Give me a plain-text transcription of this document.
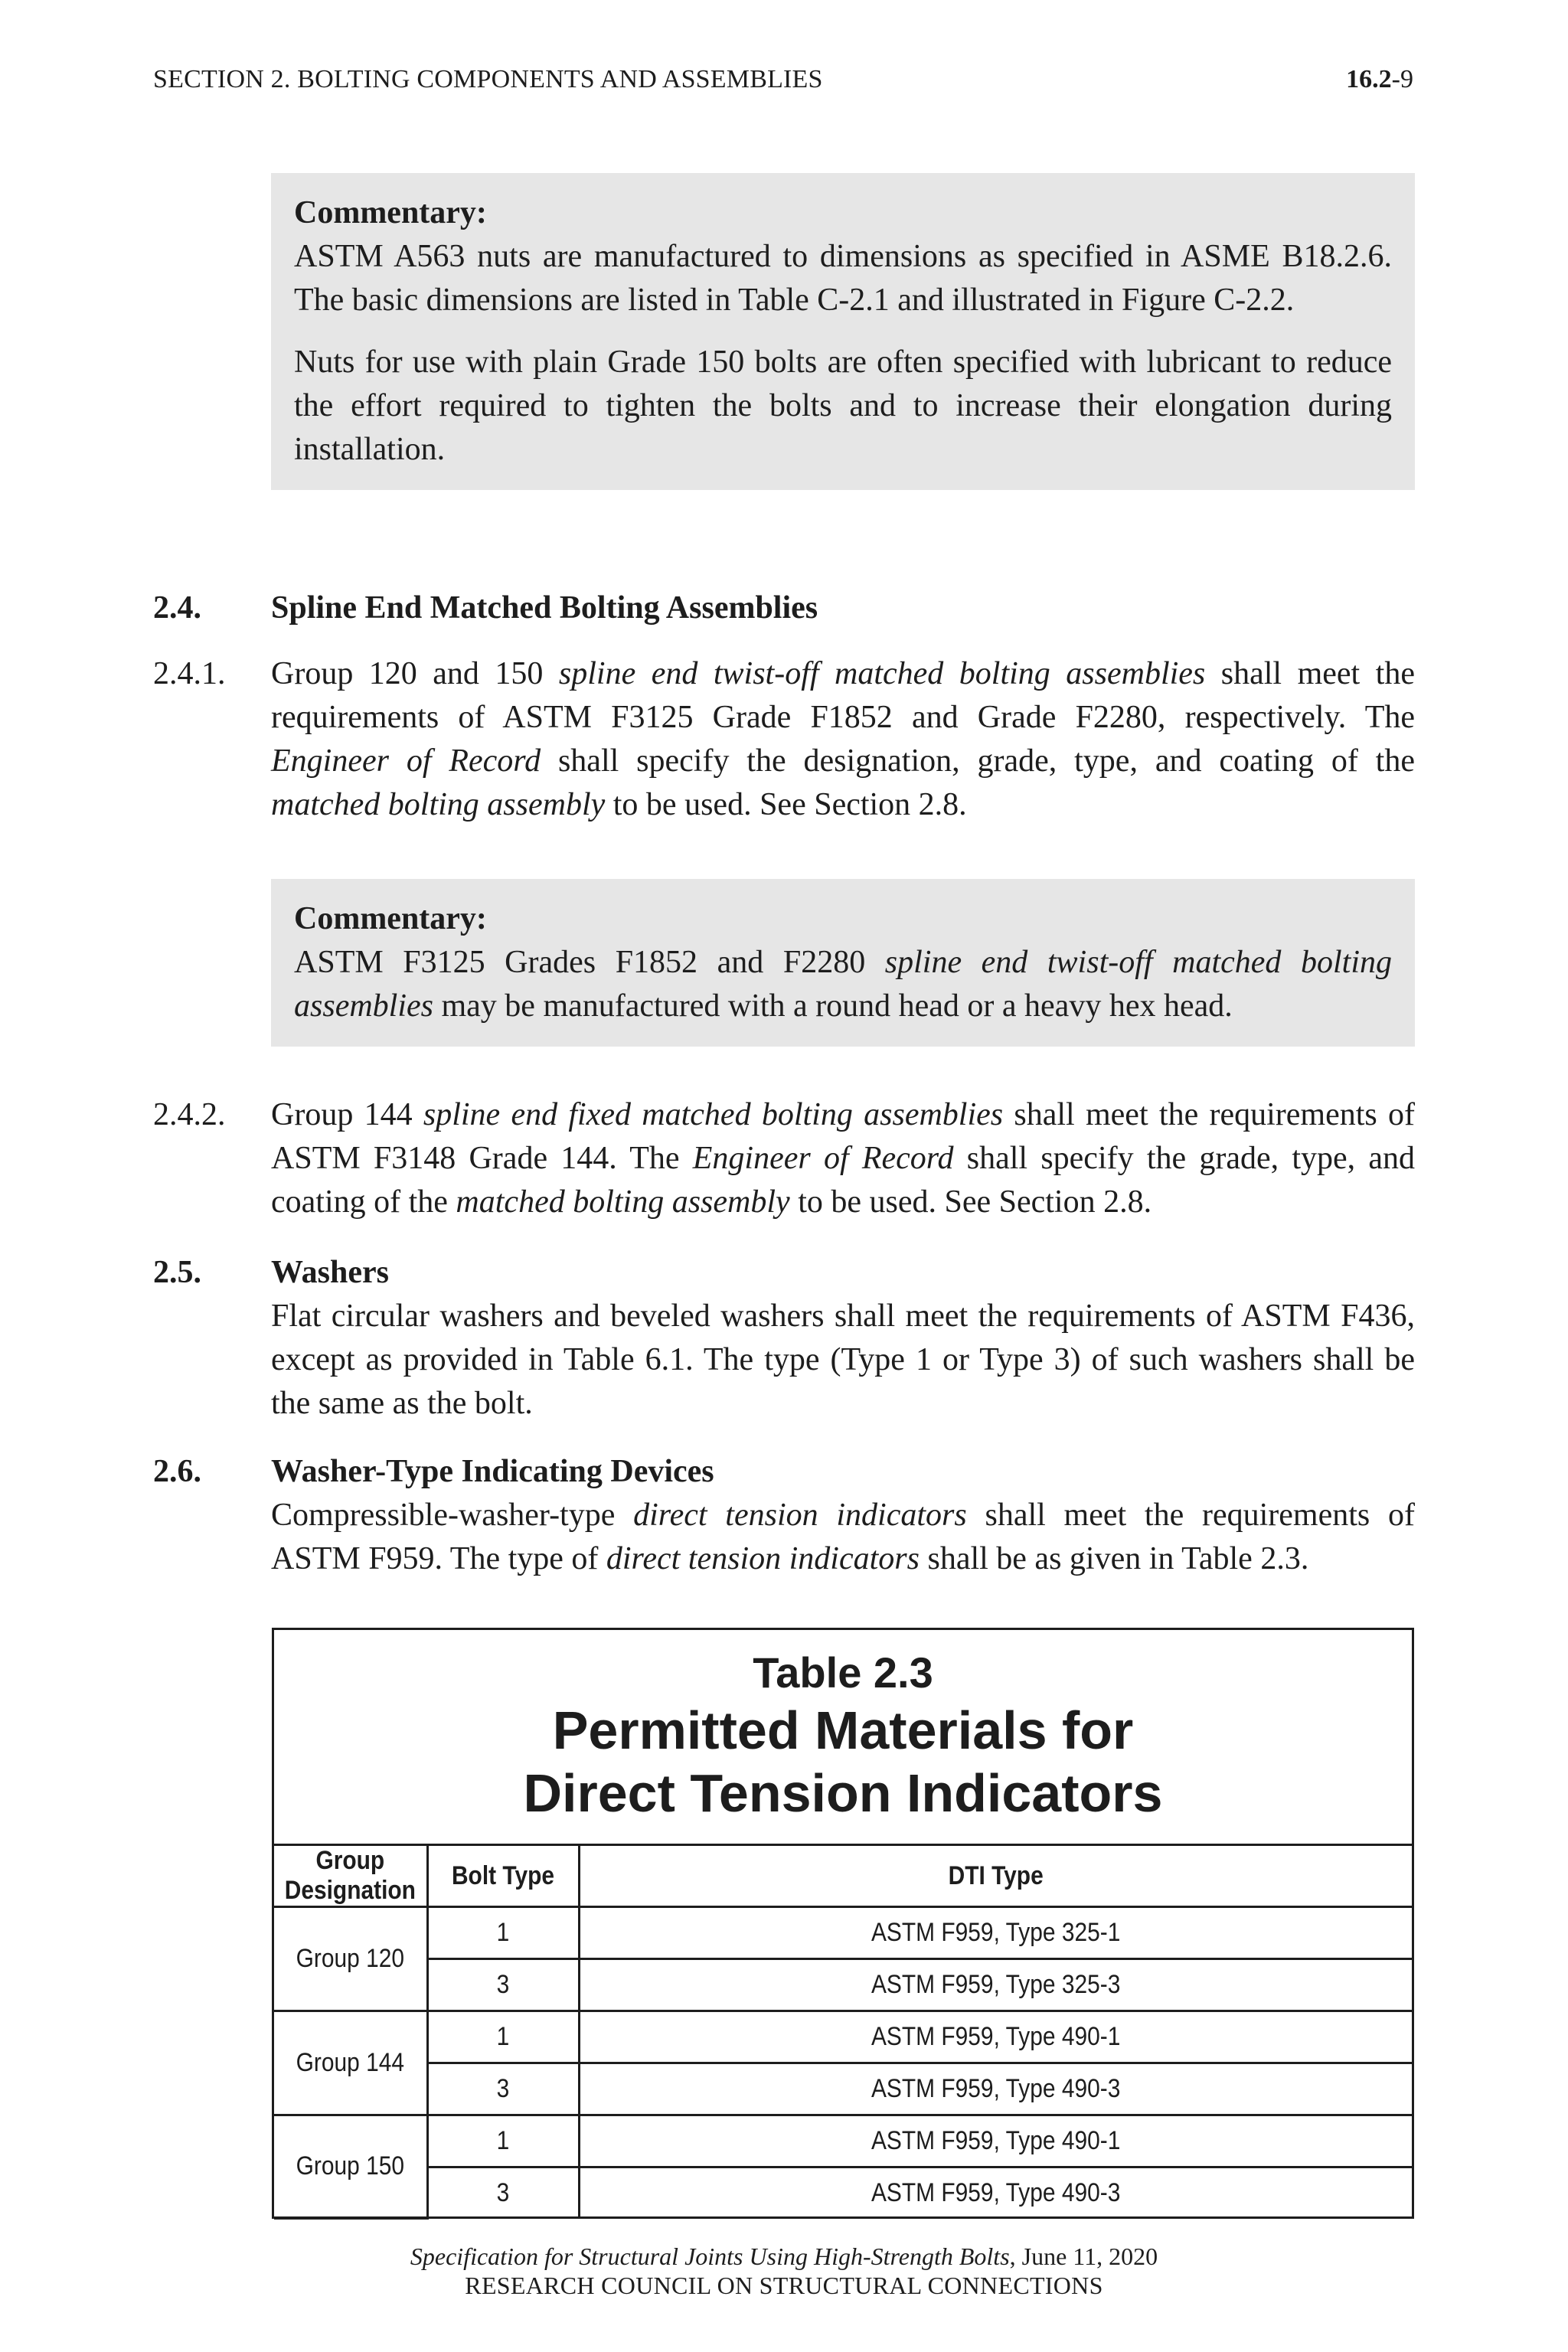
SECTION 2. BOLTING COMPONENTS AND ASSEMBLIES	16.2-9
Commentary:

ASTM A563 nuts are manufactured to dimensions as specified in ASME B18.2.6. The basic dimensions are listed in Table C-2.1 and illustrated in Figure C-2.2.

Nuts for use with plain Grade 150 bolts are often specified with lubricant to reduce the effort required to tighten the bolts and to increase their elongation during installation.

2.4. Spline End Matched Bolting Assemblies
2.4.1. Group 120 and 150 spline end twist-off matched bolting assemblies shall meet the requirements of ASTM F3125 Grade F1852 and Grade F2280, respectively. The Engineer of Record shall specify the designation, grade, type, and coating of the matched bolting assembly to be used. See Section 2.8.

Commentary:

ASTM F3125 Grades F1852 and F2280 spline end twist-off matched bolting assemblies may be manufactured with a round head or a heavy hex head.

2.4.2. Group 144 spline end fixed matched bolting assemblies shall meet the requirements of ASTM F3148 Grade 144. The Engineer of Record shall specify the grade, type, and coating of the matched bolting assembly to be used. See Section 2.8.

2.5. Washers

Flat circular washers and beveled washers shall meet the requirements of ASTM F436, except as provided in Table 6.1. The type (Type 1 or Type 3) of such washers shall be the same as the bolt.

2.6. Washer-Type Indicating Devices

Compressible-washer-type direct tension indicators shall meet the requirements of ASTM F959. The type of direct tension indicators shall be as given in Table 2.3.

Table 2.3
Permitted Materials for
Direct Tension Indicators
Group Designation	Bolt Type	DTI Type
Group 120	1	ASTM F959, Type 325-1
	3	ASTM F959, Type 325-3
Group 144	1	ASTM F959, Type 490-1
	3	ASTM F959, Type 490-3
Group 150	1	ASTM F959, Type 490-1
	3	ASTM F959, Type 490-3
Specification for Structural Joints Using High-Strength Bolts, June 11, 2020
RESEARCH COUNCIL ON STRUCTURAL CONNECTIONS
